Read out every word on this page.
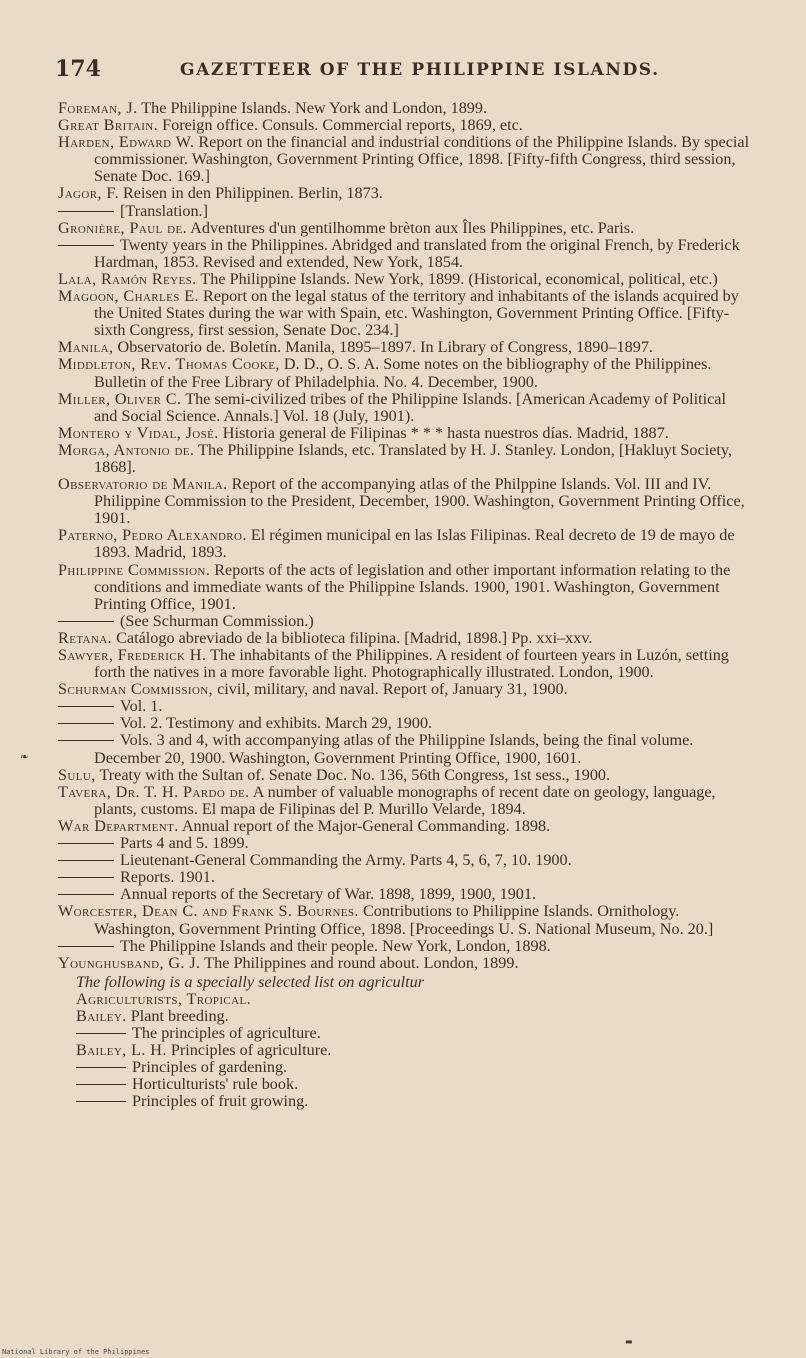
174	GAZETTEER OF THE PHILIPPINE ISLANDS.
Foreman, J. The Philippine Islands. New York and London, 1899.
Great Britain. Foreign office. Consuls. Commercial reports, 1869, etc.
Harden, Edward W. Report on the financial and industrial conditions of the Philippine Islands. By special commissioner. Washington, Government Printing Office, 1898. [Fifty-fifth Congress, third session, Senate Doc. 169.]
Jagor, F. Reisen in den Philippinen. Berlin, 1873.
[Translation.]
Gronière, Paul de. Adventures d'un gentilhomme brèton aux Îles Philippines, etc. Paris.
Twenty years in the Philippines. Abridged and translated from the original French, by Frederick Hardman, 1853. Revised and extended, New York, 1854.
Lala, Ramón Reyes. The Philippine Islands. New York, 1899. (Historical, economical, political, etc.)
Magoon, Charles E. Report on the legal status of the territory and inhabitants of the islands acquired by the United States during the war with Spain, etc. Washington, Government Printing Office. [Fifty-sixth Congress, first session, Senate Doc. 234.]
Manila, Observatorio de. Boletín. Manila, 1895–1897. In Library of Congress, 1890–1897.
Middleton, Rev. Thomas Cooke, D. D., O. S. A. Some notes on the bibliography of the Philippines. Bulletin of the Free Library of Philadelphia. No. 4. December, 1900.
Miller, Oliver C. The semi-civilized tribes of the Philippine Islands. [American Academy of Political and Social Science. Annals.] Vol. 18 (July, 1901).
Montero y Vidal, José. Historia general de Filipinas * * * hasta nuestros días. Madrid, 1887.
Morga, Antonio de. The Philippine Islands, etc. Translated by H. J. Stanley. London, [Hakluyt Society, 1868].
Observatorio de Manila. Report of the accompanying atlas of the Philppine Islands. Vol. III and IV. Philippine Commission to the President, December, 1900. Washington, Government Printing Office, 1901.
Paterno, Pedro Alexandro. El régimen municipal en las Islas Filipinas. Real decreto de 19 de mayo de 1893. Madrid, 1893.
Philippine Commission. Reports of the acts of legislation and other important information relating to the conditions and immediate wants of the Philippine Islands. 1900, 1901. Washington, Government Printing Office, 1901.
(See Schurman Commission.)
Retana. Catálogo abreviado de la biblioteca filipina. [Madrid, 1898.] Pp. xxi–xxv.
Sawyer, Frederick H. The inhabitants of the Philippines. A resident of fourteen years in Luzón, setting forth the natives in a more favorable light. Photographically illustrated. London, 1900.
Schurman Commission, civil, military, and naval. Report of, January 31, 1900.
Vol. 1.
Vol. 2. Testimony and exhibits. March 29, 1900.
Vols. 3 and 4, with accompanying atlas of the Philippine Islands, being the final volume. December 20, 1900. Washington, Government Printing Office, 1900, 1601.
Sulu, Treaty with the Sultan of. Senate Doc. No. 136, 56th Congress, 1st sess., 1900.
Tavera, Dr. T. H. Pardo de. A number of valuable monographs of recent date on geology, language, plants, customs. El mapa de Filipinas del P. Murillo Velarde, 1894.
War Department. Annual report of the Major-General Commanding. 1898.
Parts 4 and 5. 1899.
Lieutenant-General Commanding the Army. Parts 4, 5, 6, 7, 10. 1900.
Reports. 1901.
Annual reports of the Secretary of War. 1898, 1899, 1900, 1901.
Worcester, Dean C. and Frank S. Bournes. Contributions to Philippine Islands. Ornithology. Washington, Government Printing Office, 1898. [Proceedings U. S. National Museum, No. 20.]
The Philippine Islands and their people. New York, London, 1898.
Younghusband, G. J. The Philippines and round about. London, 1899.
The following is a specially selected list on agricultur
Agriculturists, Tropical.
Bailey. Plant breeding.
The principles of agriculture.
Bailey, L. H. Principles of agriculture.
Principles of gardening.
Horticulturists' rule book.
Principles of fruit growing.
❧
▬
National Library of the Philippines
